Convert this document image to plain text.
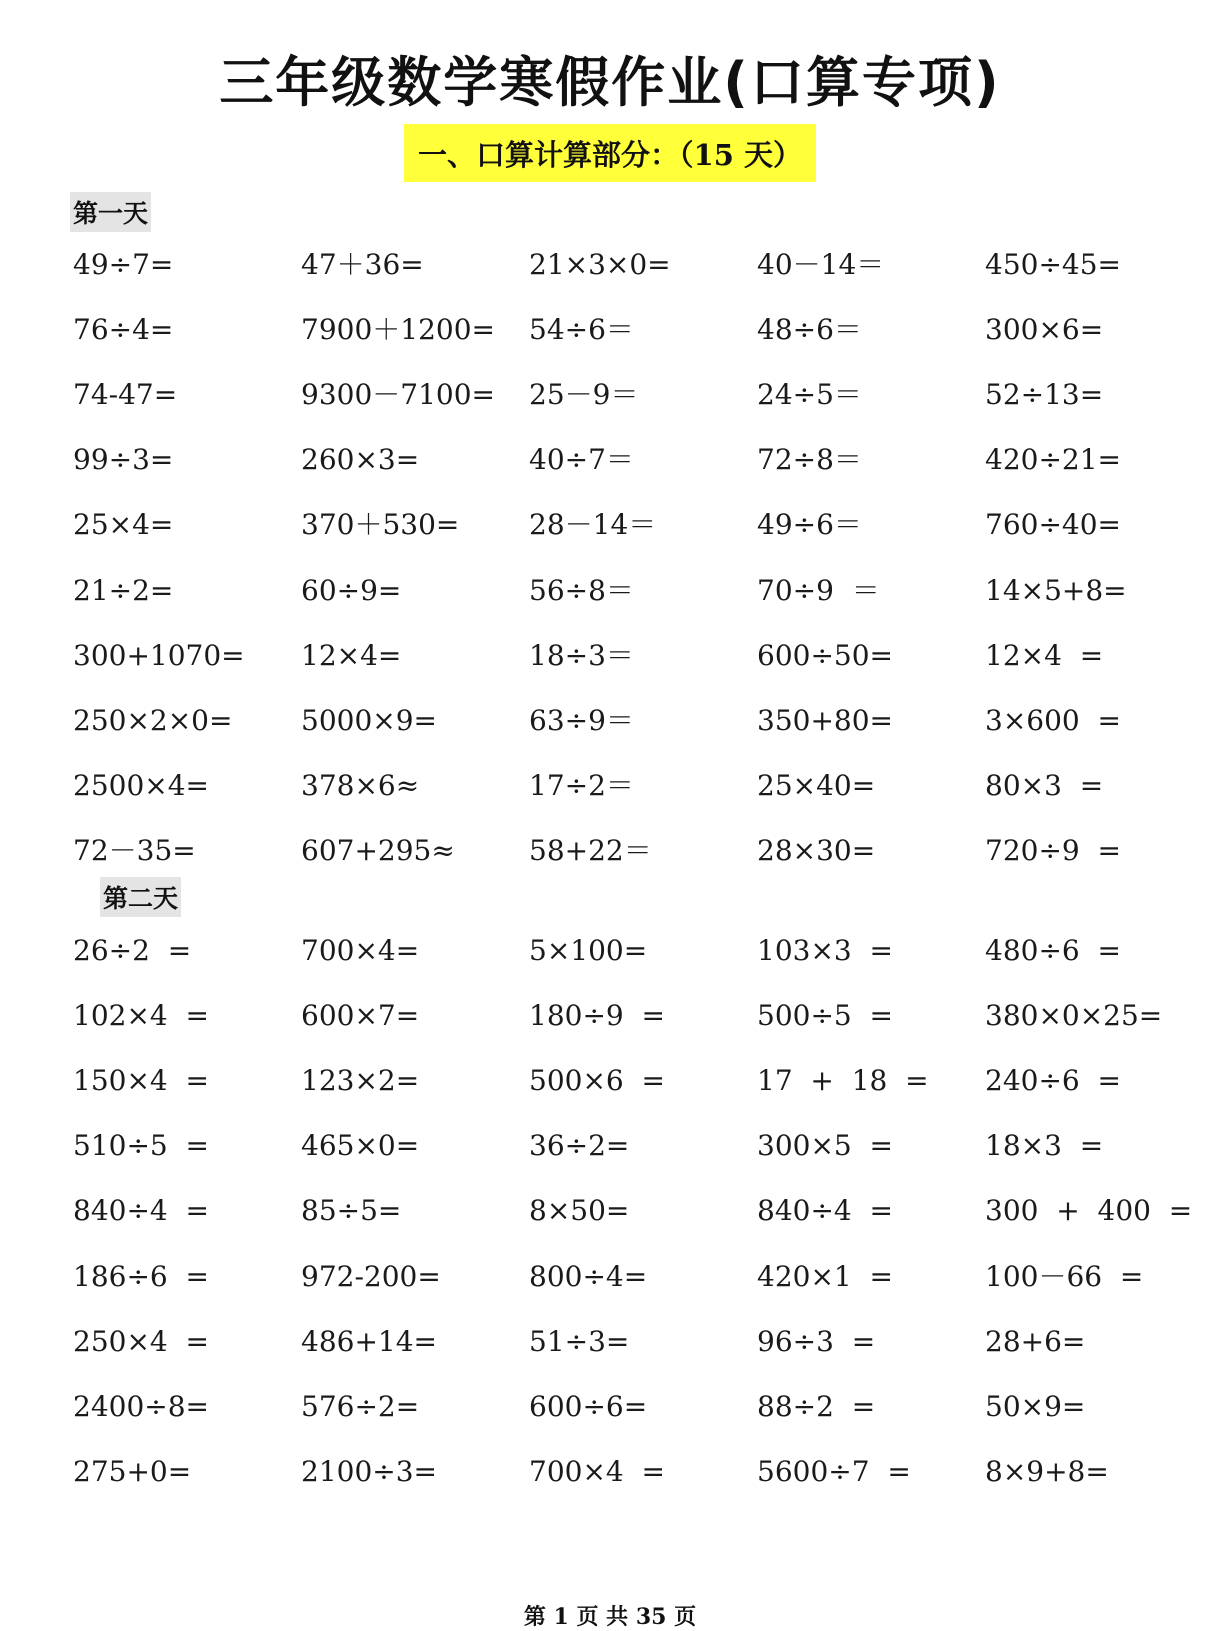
三年级数学寒假作业(口算专项)
一、口算计算部分：（15 天）
第一天
49÷7=	47＋36=	21×3×0=	40－14＝	450÷45=
76÷4=	7900＋1200=	54÷6＝	48÷6＝	300×6=
74-47=	9300－7100=	25－9＝	24÷5＝	52÷13=
99÷3=	260×3=	40÷7＝	72÷8＝	420÷21=
25×4=	370＋530=	28－14＝	49÷6＝	760÷40=
21÷2=	60÷9=	56÷8＝	70÷9  ＝	14×5+8=
300+1070=	12×4=	18÷3＝	600÷50=	12×4  =
250×2×0=	5000×9=	63÷9＝	350+80=	3×600  =
2500×4=	378×6≈	17÷2＝	25×40=	80×3  =
72－35=	607+295≈	58+22＝	28×30=	720÷9  =
第二天
26÷2  =	700×4=	5×100=	103×3  =	480÷6  =
102×4  =	600×7=	180÷9  =	500÷5  =	380×0×25=
150×4  =	123×2=	500×6  =	17  +  18  =	240÷6  =
510÷5  =	465×0=	36÷2=	300×5  =	18×3  =
840÷4  =	85÷5=	8×50=	840÷4  =	300  +  400  =
186÷6  =	972-200=	800÷4=	420×1  =	100－66  =
250×4  =	486+14=	51÷3=	96÷3  =	28+6=
2400÷8=	576÷2=	600÷6=	88÷2  =	50×9=
275+0=	2100÷3=	700×4  =	5600÷7  =	8×9+8=
第 1 页 共 35 页
